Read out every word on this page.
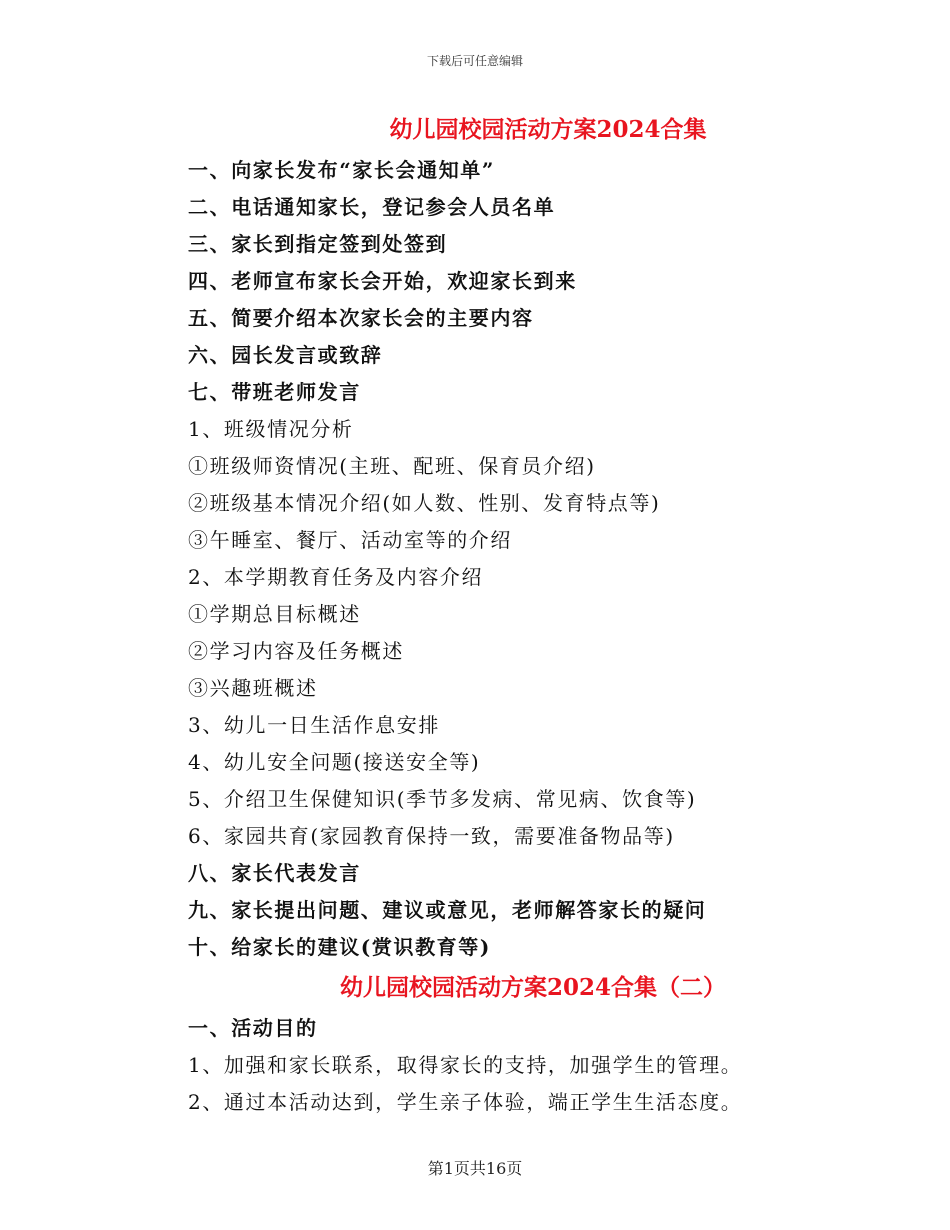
下载后可任意编辑
幼儿园校园活动方案2024合集
一、向家长发布“家长会通知单”
二、电话通知家长，登记参会人员名单
三、家长到指定签到处签到
四、老师宣布家长会开始，欢迎家长到来
五、简要介绍本次家长会的主要内容
六、园长发言或致辞
七、带班老师发言
1、班级情况分析
①班级师资情况(主班、配班、保育员介绍)
②班级基本情况介绍(如人数、性别、发育特点等)
③午睡室、餐厅、活动室等的介绍
2、本学期教育任务及内容介绍
①学期总目标概述
②学习内容及任务概述
③兴趣班概述
3、幼儿一日生活作息安排
4、幼儿安全问题(接送安全等)
5、介绍卫生保健知识(季节多发病、常见病、饮食等)
6、家园共育(家园教育保持一致，需要准备物品等)
八、家长代表发言
九、家长提出问题、建议或意见，老师解答家长的疑问
十、给家长的建议(赏识教育等)
幼儿园校园活动方案2024合集（二）
一、活动目的
1、加强和家长联系，取得家长的支持，加强学生的管理。
2、通过本活动达到，学生亲子体验，端正学生生活态度。
第1页共16页
